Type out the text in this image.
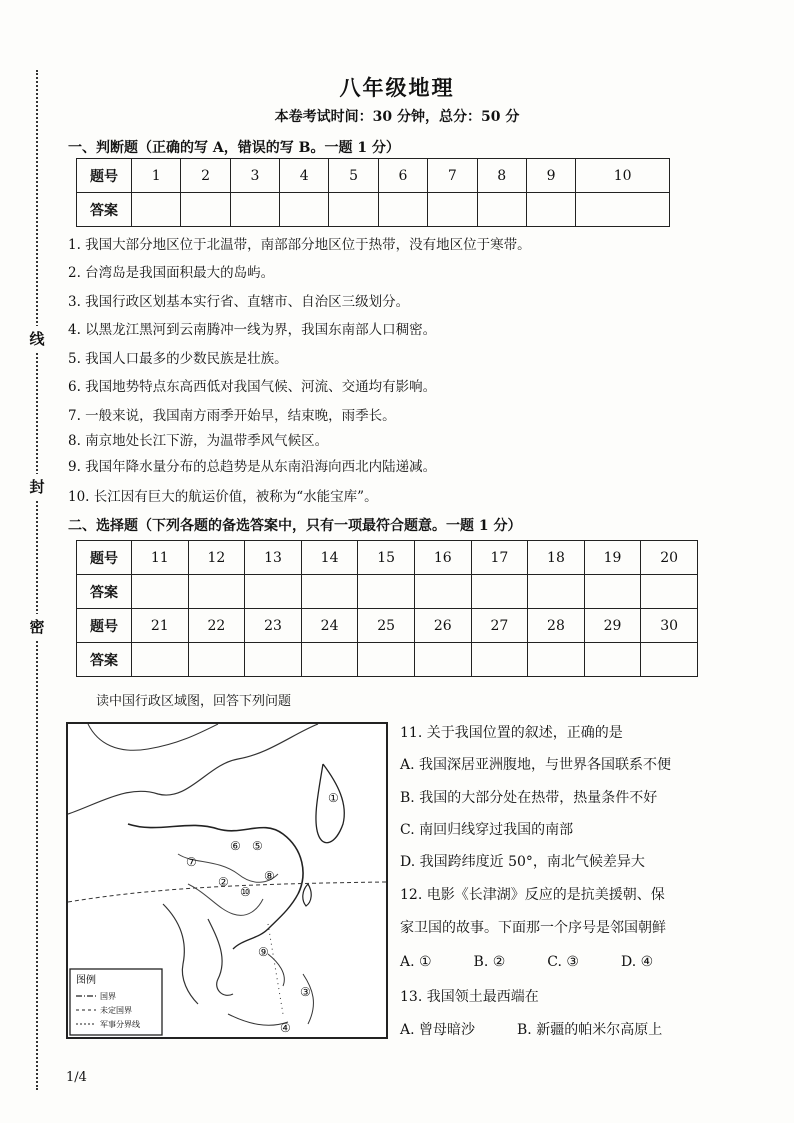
线
封
密
八年级地理
本卷考试时间：30 分钟，总分：50 分
一、判断题（正确的写 A，错误的写 B。一题 1 分）
题号	1	2	3	4	5	6	7	8	9	10
答案										
1. 我国大部分地区位于北温带，南部部分地区位于热带，没有地区位于寒带。
2. 台湾岛是我国面积最大的岛屿。
3. 我国行政区划基本实行省、直辖市、自治区三级划分。
4. 以黑龙江黑河到云南腾冲一线为界，我国东南部人口稠密。
5. 我国人口最多的少数民族是壮族。
6. 我国地势特点东高西低对我国气候、河流、交通均有影响。
7. 一般来说，我国南方雨季开始早，结束晚，雨季长。
8. 南京地处长江下游，为温带季风气候区。
9. 我国年降水量分布的总趋势是从东南沿海向西北内陆递减。
10. 长江因有巨大的航运价值，被称为“水能宝库”。
二、选择题（下列各题的备选答案中，只有一项最符合题意。一题 1 分）
题号	11	12	13	14	15	16	17	18	19	20
答案										
题号	21	22	23	24	25	26	27	28	29	30
答案										
读中国行政区域图，回答下列问题
⑦
⑥ ⑤
⑧
⑩
⑨
①
②
③
④
图例
国界
未定国界
军事分界线
11. 关于我国位置的叙述，正确的是
A. 我国深居亚洲腹地，与世界各国联系不便
B. 我国的大部分处在热带，热量条件不好
C. 南回归线穿过我国的南部
D. 我国跨纬度近 50°，南北气候差异大
12. 电影《长津湖》反应的是抗美援朝、保
家卫国的故事。下面那一个序号是邻国朝鲜
A. ①　　　B. ②　　　C. ③　　　D. ④
13. 我国领土最西端在
A. 曾母暗沙　　　B. 新疆的帕米尔高原上
1/4
